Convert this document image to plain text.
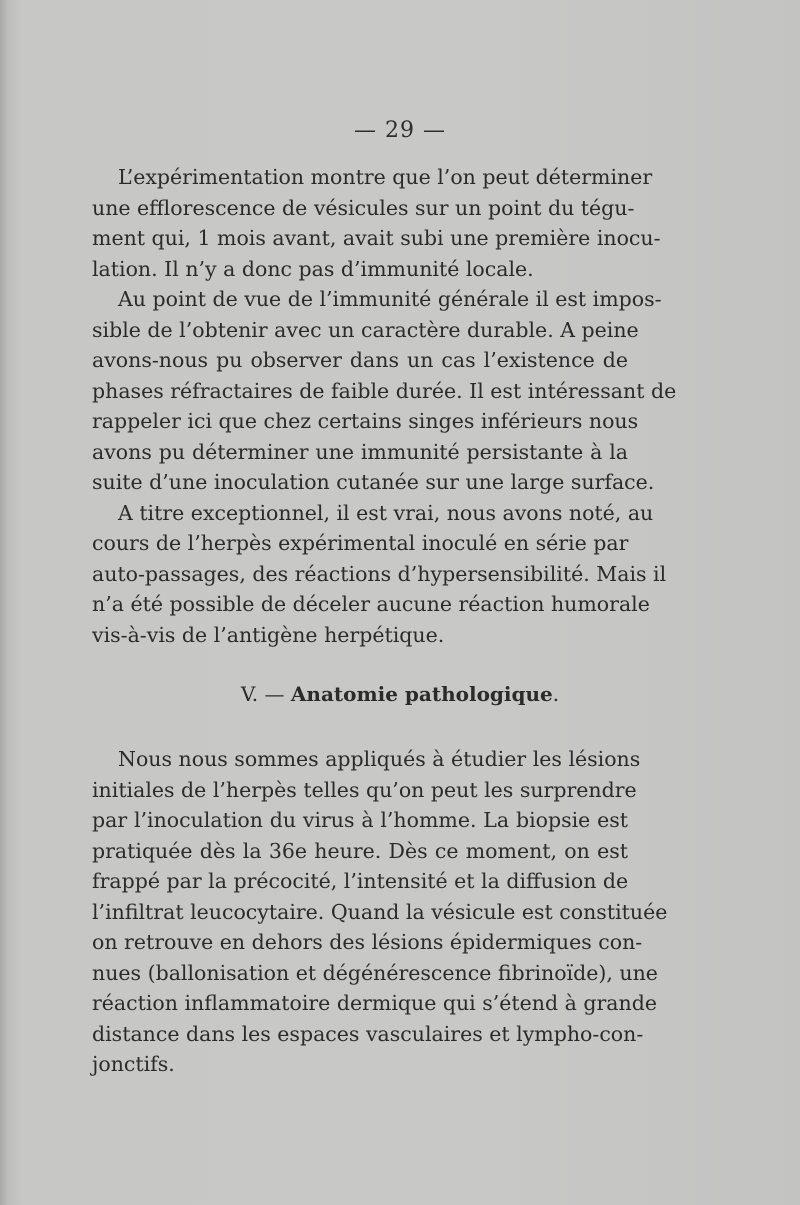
— 29 —
L’expérimentation montre que l’on peut déterminer
une efflorescence de vésicules sur un point du tégu-
ment qui, 1 mois avant, avait subi une première inocu-
lation. Il n’y a donc pas d’immunité locale.
Au point de vue de l’immunité générale il est impos-
sible de l’obtenir avec un caractère durable. A peine
avons-nous pu observer dans un cas l’existence de
phases réfractaires de faible durée. Il est intéressant de
rappeler ici que chez certains singes inférieurs nous
avons pu déterminer une immunité persistante à la
suite d’une inoculation cutanée sur une large surface.
A titre exceptionnel, il est vrai, nous avons noté, au
cours de l’herpès expérimental inoculé en série par
auto-passages, des réactions d’hypersensibilité. Mais il
n’a été possible de déceler aucune réaction humorale
vis-à-vis de l’antigène herpétique.
V. — Anatomie pathologique.
Nous nous sommes appliqués à étudier les lésions
initiales de l’herpès telles qu’on peut les surprendre
par l’inoculation du virus à l’homme. La biopsie est
pratiquée dès la 36e heure. Dès ce moment, on est
frappé par la précocité, l’intensité et la diffusion de
l’infiltrat leucocytaire. Quand la vésicule est constituée
on retrouve en dehors des lésions épidermiques con-
nues (ballonisation et dégénérescence fibrinoïde), une
réaction inflammatoire dermique qui s’étend à grande
distance dans les espaces vasculaires et lympho-con-
jonctifs.
